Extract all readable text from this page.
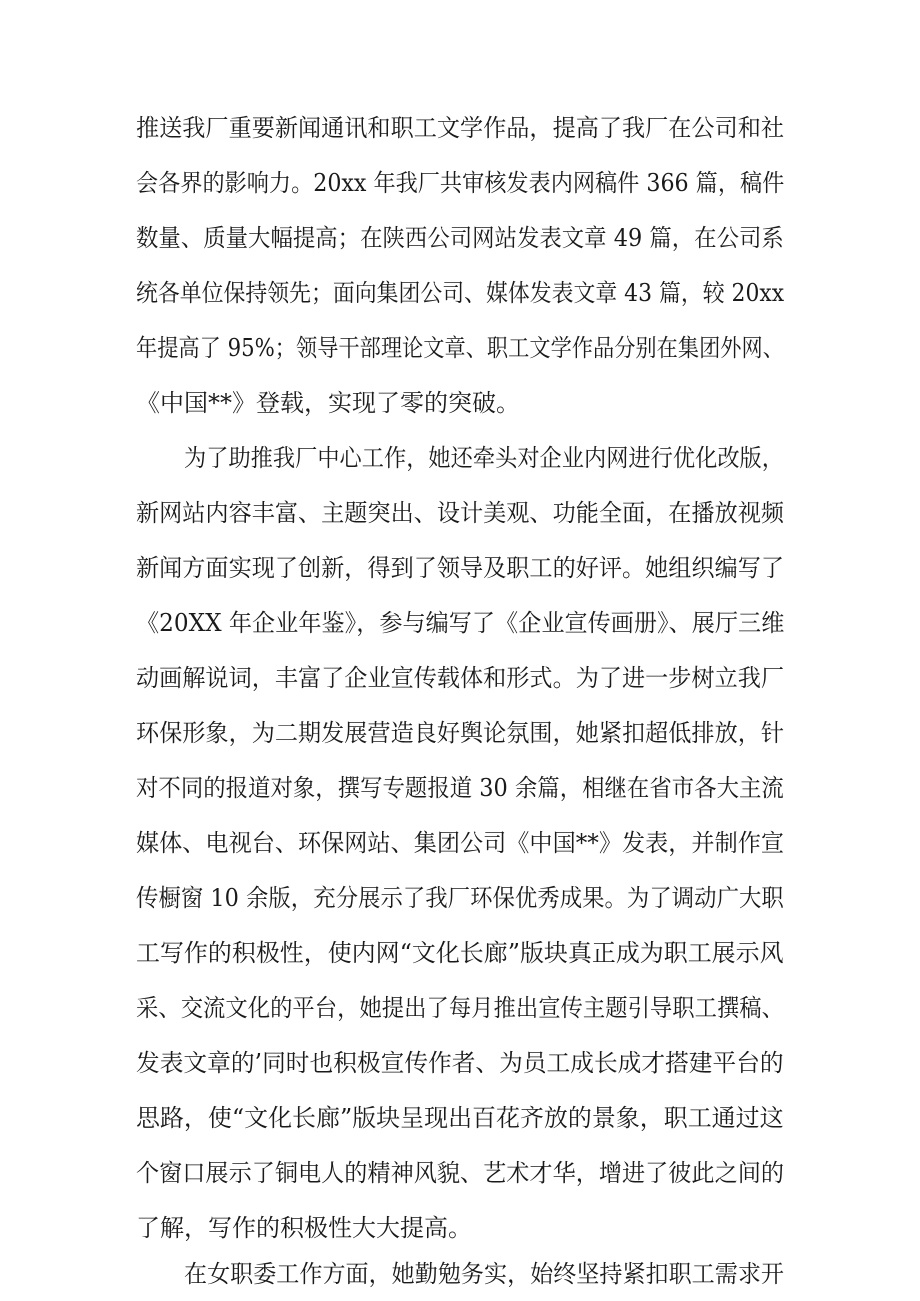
推送我厂重要新闻通讯和职工文学作品，提高了我厂在公司和社
会各界的影响力。20xx 年我厂共审核发表内网稿件 366 篇，稿件
数量、质量大幅提高；在陕西公司网站发表文章 49 篇，在公司系
统各单位保持领先；面向集团公司、媒体发表文章 43 篇，较 20xx
年提高了 95%；领导干部理论文章、职工文学作品分别在集团外网、
《中国**》登载，实现了零的突破。
为了助推我厂中心工作，她还牵头对企业内网进行优化改版，
新网站内容丰富、主题突出、设计美观、功能全面，在播放视频
新闻方面实现了创新，得到了领导及职工的好评。她组织编写了
《20XX 年企业年鉴》，参与编写了《企业宣传画册》、展厅三维
动画解说词，丰富了企业宣传载体和形式。为了进一步树立我厂
环保形象，为二期发展营造良好舆论氛围，她紧扣超低排放，针
对不同的报道对象，撰写专题报道 30 余篇，相继在省市各大主流
媒体、电视台、环保网站、集团公司《中国**》发表，并制作宣
传橱窗 10 余版，充分展示了我厂环保优秀成果。为了调动广大职
工写作的积极性，使内网“文化长廊”版块真正成为职工展示风
采、交流文化的平台，她提出了每月推出宣传主题引导职工撰稿、
发表文章的’同时也积极宣传作者、为员工成长成才搭建平台的
思路，使“文化长廊”版块呈现出百花齐放的景象，职工通过这
个窗口展示了铜电人的精神风貌、艺术才华，增进了彼此之间的
了解，写作的积极性大大提高。
在女职委工作方面，她勤勉务实，始终坚持紧扣职工需求开
